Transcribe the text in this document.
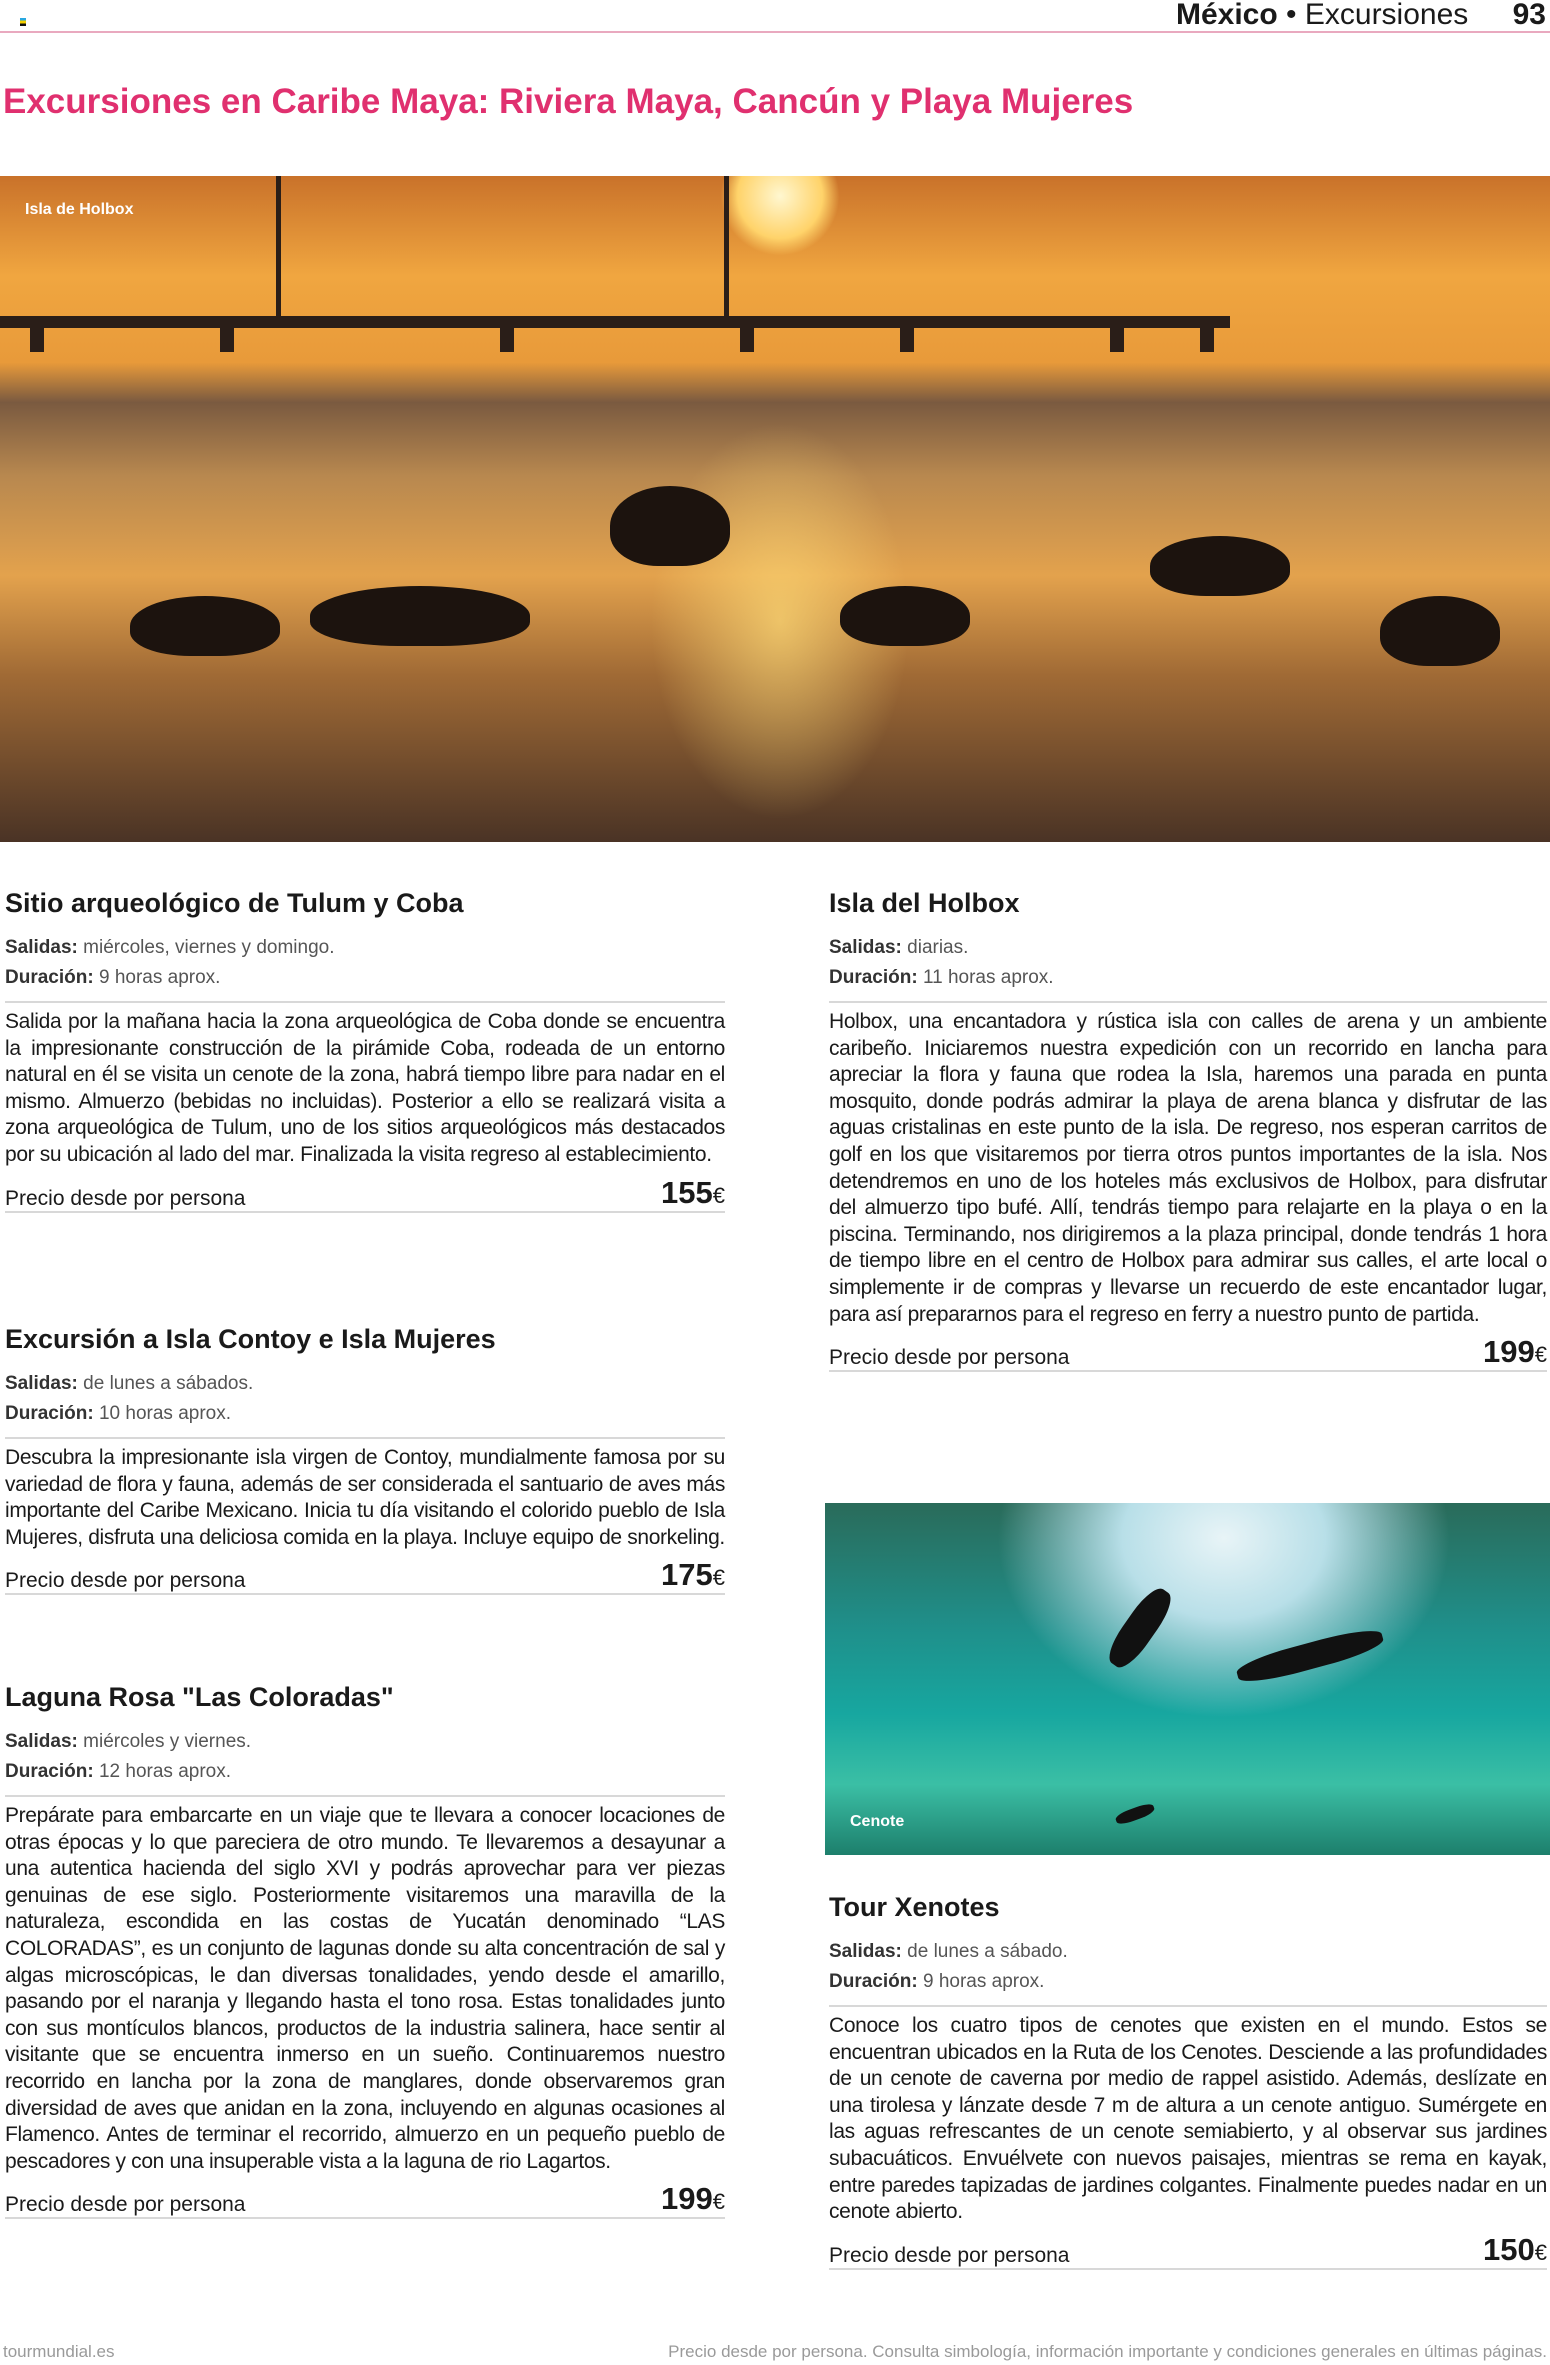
México • Excursiones 93
Excursiones en Caribe Maya: Riviera Maya, Cancún y Playa Mujeres
Isla de Holbox
Sitio arqueológico de Tulum y Coba
Salidas: miércoles, viernes y domingo.
Duración: 9 horas aprox.

Salida por la mañana hacia la zona arqueológica de Coba donde se encuentra la impresionante construcción de la pirámide Coba, rodeada de un entorno natural en él se visita un cenote de la zona, habrá tiempo libre para nadar en el mismo. Almuerzo (bebidas no incluidas). Posterior a ello se realizará visita a zona arqueológica de Tulum, uno de los sitios arqueológicos más destacados por su ubicación al lado del mar. Finalizada la visita regreso al establecimiento.

Precio desde por persona	155€
Excursión a Isla Contoy e Isla Mujeres
Salidas: de lunes a sábados.
Duración: 10 horas aprox.

Descubra la impresionante isla virgen de Contoy, mundialmente famosa por su variedad de flora y fauna, además de ser considerada el santuario de aves más importante del Caribe Mexicano. Inicia tu día visitando el colorido pueblo de Isla Mujeres, disfruta una deliciosa comida en la playa. Incluye equipo de snorkeling.

Precio desde por persona	175€
Laguna Rosa "Las Coloradas"
Salidas: miércoles y viernes.
Duración: 12 horas aprox.

Prepárate para embarcarte en un viaje que te llevara a conocer locaciones de otras épocas y lo que pareciera de otro mundo. Te llevaremos a desayunar a una autentica hacienda del siglo XVI y podrás aprovechar para ver piezas genuinas de ese siglo. Posteriormente visitaremos una maravilla de la naturaleza, escondida en las costas de Yucatán denominado “LAS COLORADAS”, es un conjunto de lagunas donde su alta concentración de sal y algas microscópicas, le dan diversas tonalidades, yendo desde el amarillo, pasando por el naranja y llegando hasta el tono rosa. Estas tonalidades junto con sus montículos blancos, productos de la industria salinera, hace sentir al visitante que se encuentra inmerso en un sueño. Continuaremos nuestro recorrido en lancha por la zona de manglares, donde observaremos gran diversidad de aves que anidan en la zona, incluyendo en algunas ocasiones al Flamenco. Antes de terminar el recorrido, almuerzo en un pequeño pueblo de pescadores y con una insuperable vista a la laguna de rio Lagartos.

Precio desde por persona	199€
Isla del Holbox
Salidas: diarias.
Duración: 11 horas aprox.

Holbox, una encantadora y rústica isla con calles de arena y un ambiente caribeño. Iniciaremos nuestra expedición con un recorrido en lancha para apreciar la flora y fauna que rodea la Isla, haremos una parada en punta mosquito, donde podrás admirar la playa de arena blanca y disfrutar de las aguas cristalinas en este punto de la isla. De regreso, nos esperan carritos de golf en los que visitaremos por tierra otros puntos importantes de la isla. Nos detendremos en uno de los hoteles más exclusivos de Holbox, para disfrutar del almuerzo tipo bufé. Allí, tendrás tiempo para relajarte en la playa o en la piscina. Terminando, nos dirigiremos a la plaza principal, donde tendrás 1 hora de tiempo libre en el centro de Holbox para admirar sus calles, el arte local o simplemente ir de compras y llevarse un recuerdo de este encantador lugar, para así prepararnos para el regreso en ferry a nuestro punto de partida.

Precio desde por persona	199€
Cenote
Tour Xenotes
Salidas: de lunes a sábado.
Duración: 9 horas aprox.

Conoce los cuatro tipos de cenotes que existen en el mundo. Estos se encuentran ubicados en la Ruta de los Cenotes. Desciende a las profundidades de un cenote de caverna por medio de rappel asistido. Además, deslízate en una tirolesa y lánzate desde 7 m de altura a un cenote antiguo. Sumérgete en las aguas refrescantes de un cenote semiabierto, y al observar sus jardines subacuáticos. Envuélvete con nuevos paisajes, mientras se rema en kayak, entre paredes tapizadas de jardines colgantes. Finalmente puedes nadar en un cenote abierto.

Precio desde por persona	150€
tourmundial.es	Precio desde por persona. Consulta simbología, información importante y condiciones generales en últimas páginas.
